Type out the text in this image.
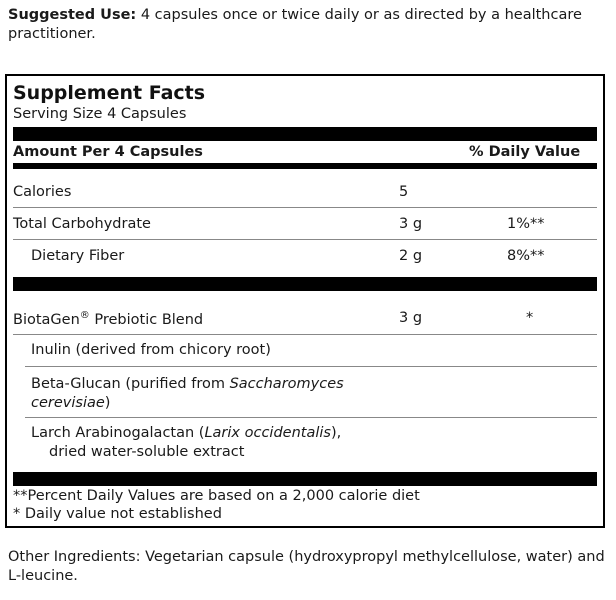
Suggested Use: 4 capsules once or twice daily or as directed by a healthcare practitioner.
Supplement Facts
Serving Size 4 Capsules
Amount Per 4 Capsules	% Daily Value
Calories	5
Total Carbohydrate	3 g	1%**
Dietary Fiber	2 g	8%**
BiotaGen® Prebiotic Blend	3 g	*
Inulin (derived from chicory root)
Beta-Glucan (purified from Saccharomyces
cerevisiae)
Larch Arabinogalactan (Larix occidentalis),
dried water-soluble extract
**Percent Daily Values are based on a 2,000 calorie diet
* Daily value not established
Other Ingredients: Vegetarian capsule (hydroxypropyl methylcellulose, water) and L-leucine.
